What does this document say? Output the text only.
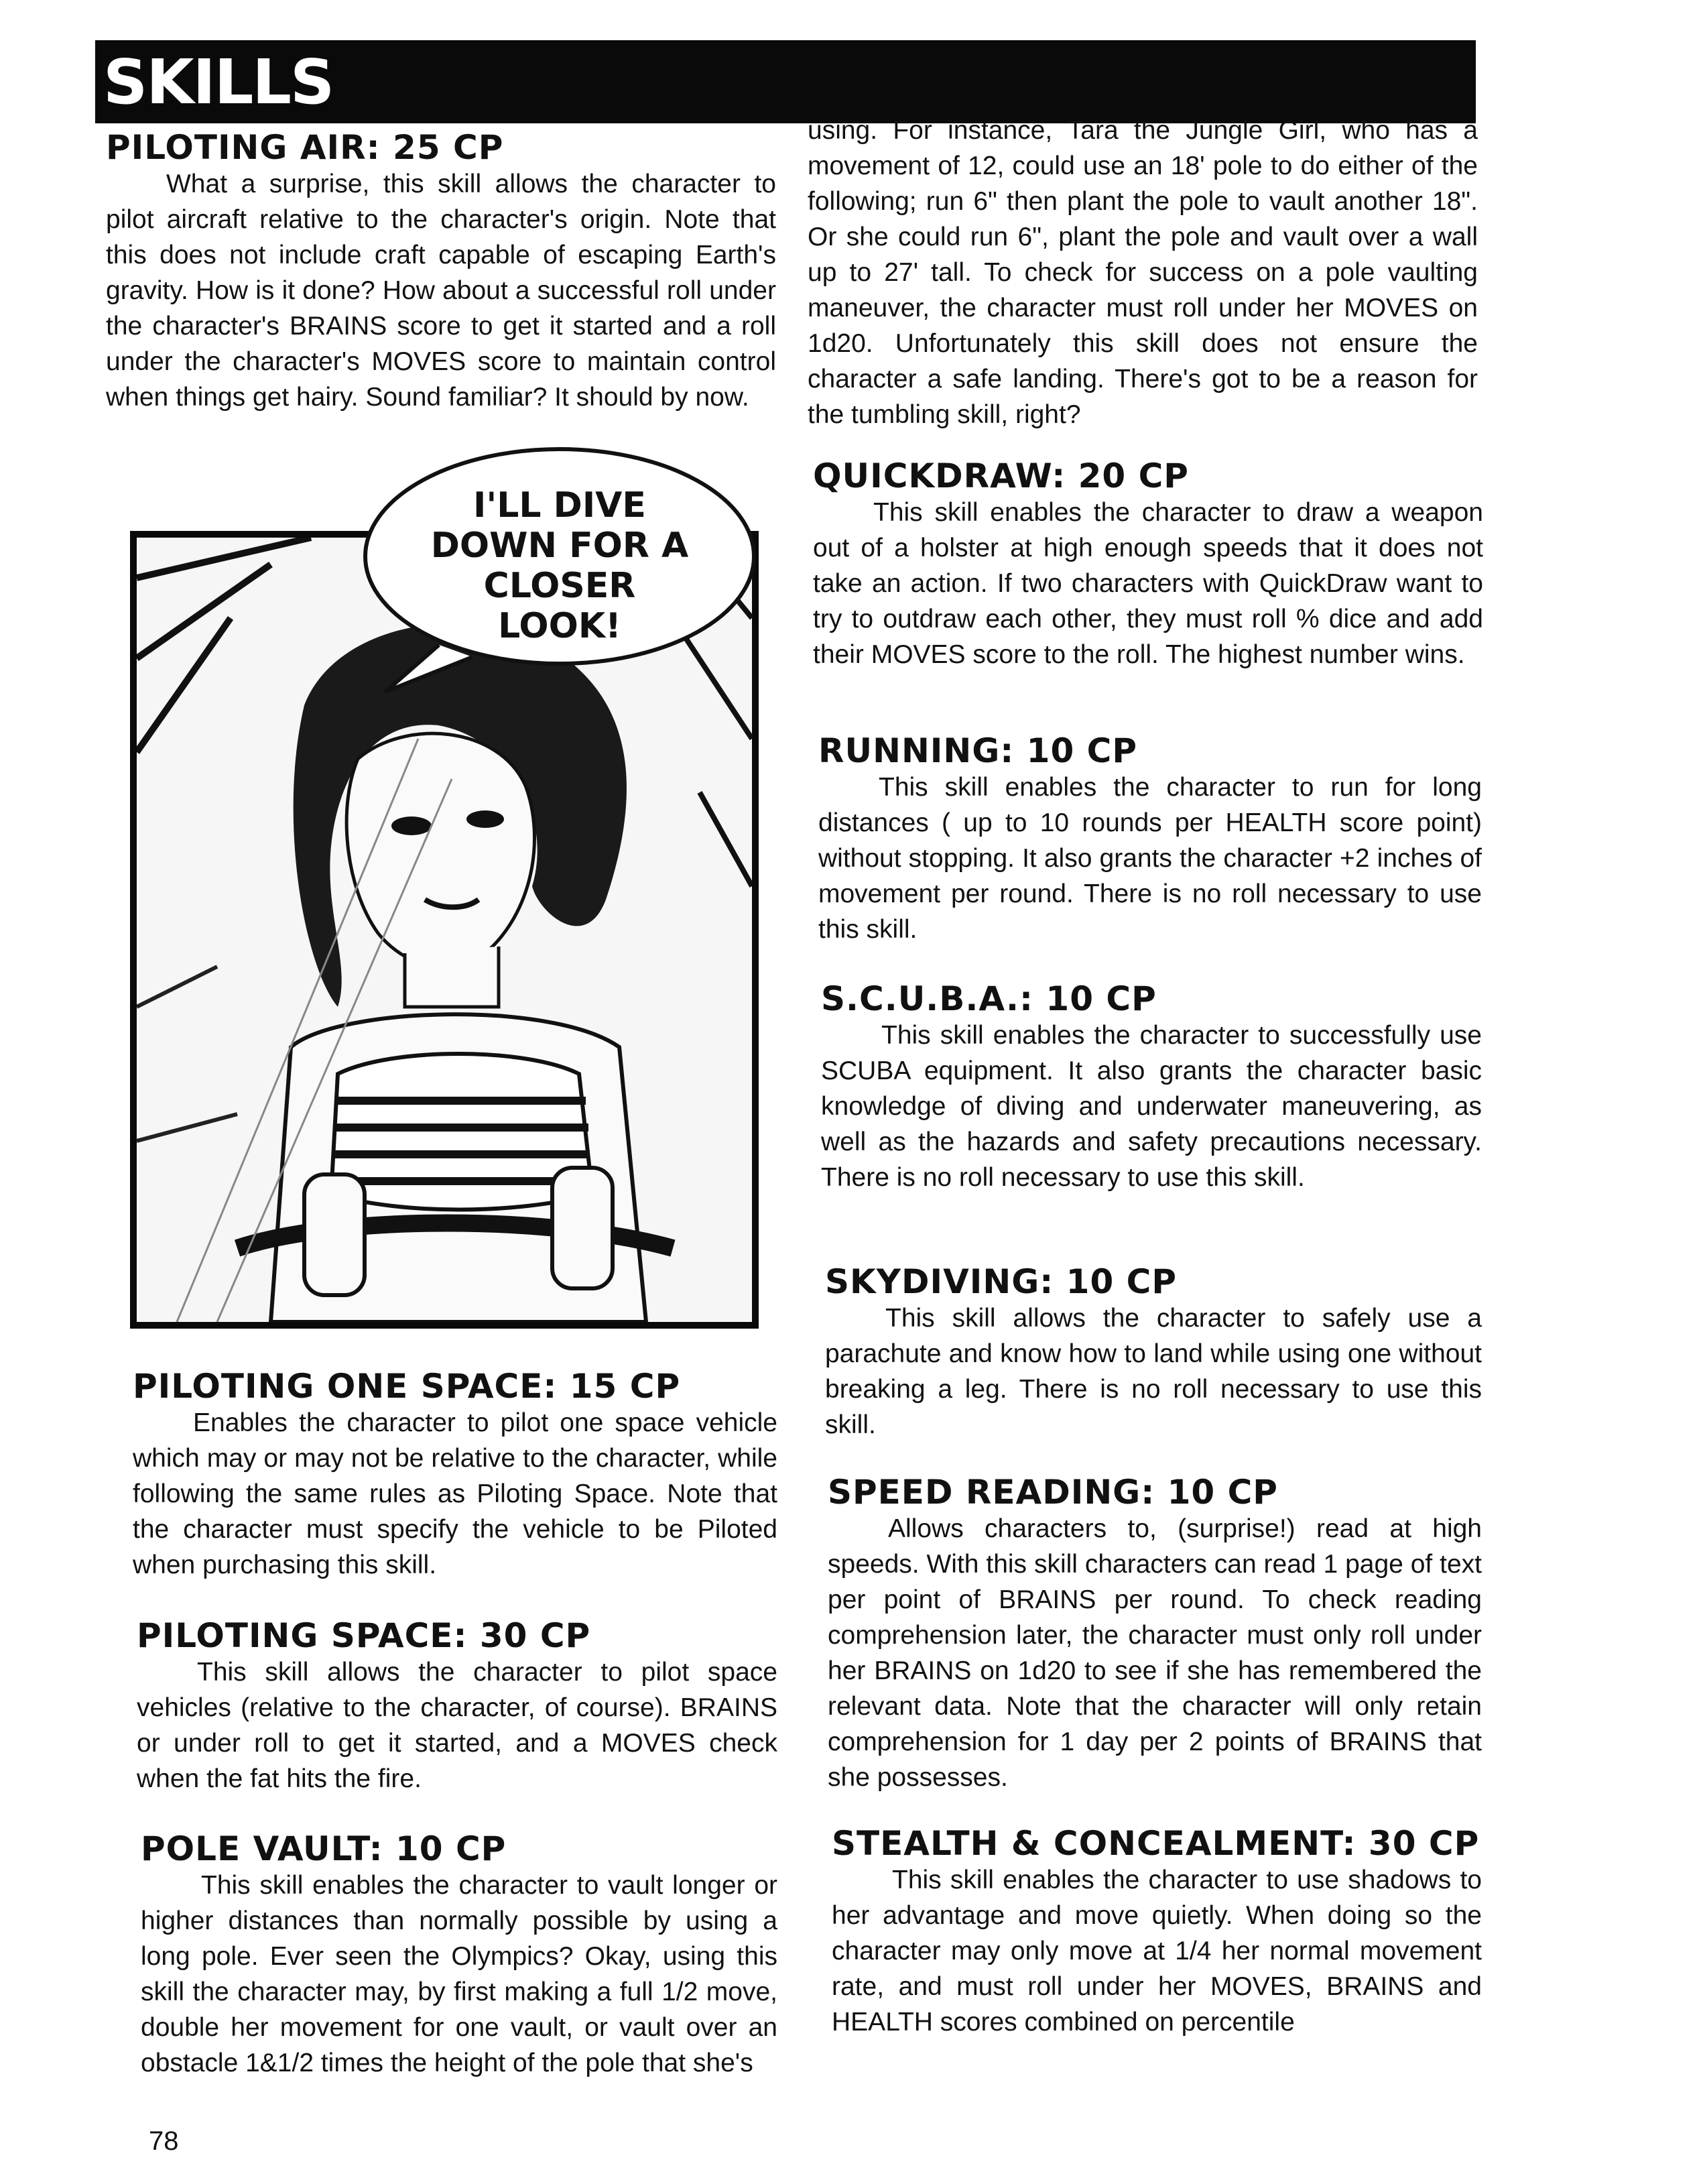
SKILLS
PILOTING AIR: 25 CP

What a surprise, this skill allows the character to pilot aircraft relative to the character's origin. Note that this does not include craft capable of escaping Earth's gravity. How is it done? How about a successful roll under the character's BRAINS score to get it started and a roll under the character's MOVES score to maintain control when things get hairy. Sound familiar? It should by now.

PILOTING ONE SPACE: 15 CP

Enables the character to pilot one space vehicle which may or may not be relative to the character, while following the same rules as Piloting Space. Note that the character must specify the vehicle to be Piloted when purchasing this skill.

PILOTING SPACE: 30 CP

This skill allows the character to pilot space vehicles (relative to the character, of course). BRAINS or under roll to get it started, and a MOVES check when the fat hits the fire.

POLE VAULT: 10 CP

This skill enables the character to vault longer or higher distances than normally possible by using a long pole. Ever seen the Olympics? Okay, using this skill the character may, by first making a full 1/2 move, double her movement for one vault, or vault over an obstacle 1&1/2 times the height of the pole that she's

I'LL DIVE
DOWN FOR A
CLOSER
LOOK!

using. For instance, Tara the Jungle Girl, who has a movement of 12, could use an 18' pole to do either of the following; run 6" then plant the pole to vault another 18". Or she could run 6", plant the pole and vault over a wall up to 27' tall. To check for success on a pole vaulting maneuver, the character must roll under her MOVES on 1d20. Unfortunately this skill does not ensure the character a safe landing. There's got to be a reason for the tumbling skill, right?

QUICKDRAW: 20 CP

This skill enables the character to draw a weapon out of a holster at high enough speeds that it does not take an action. If two characters with QuickDraw want to try to outdraw each other, they must roll % dice and add their MOVES score to the roll. The highest number wins.

RUNNING: 10 CP

This skill enables the character to run for long distances ( up to 10 rounds per HEALTH score point) without stopping. It also grants the character +2 inches of movement per round. There is no roll necessary to use this skill.

S.C.U.B.A.: 10 CP

This skill enables the character to successfully use SCUBA equipment. It also grants the character basic knowledge of diving and underwater maneuvering, as well as the hazards and safety precautions necessary. There is no roll necessary to use this skill.

SKYDIVING: 10 CP

This skill allows the character to safely use a parachute and know how to land while using one without breaking a leg. There is no roll necessary to use this skill.

SPEED READING: 10 CP

Allows characters to, (surprise!) read at high speeds. With this skill characters can read 1 page of text per point of BRAINS per round. To check reading comprehension later, the character must only roll under her BRAINS on 1d20 to see if she has remembered the relevant data. Note that the character will only retain comprehension for 1 day per 2 points of BRAINS that she possesses.

STEALTH & CONCEALMENT: 30 CP

This skill enables the character to use shadows to her advantage and move quietly. When doing so the character may only move at 1/4 her normal movement rate, and must roll under her MOVES, BRAINS and HEALTH scores combined on percentile

78
